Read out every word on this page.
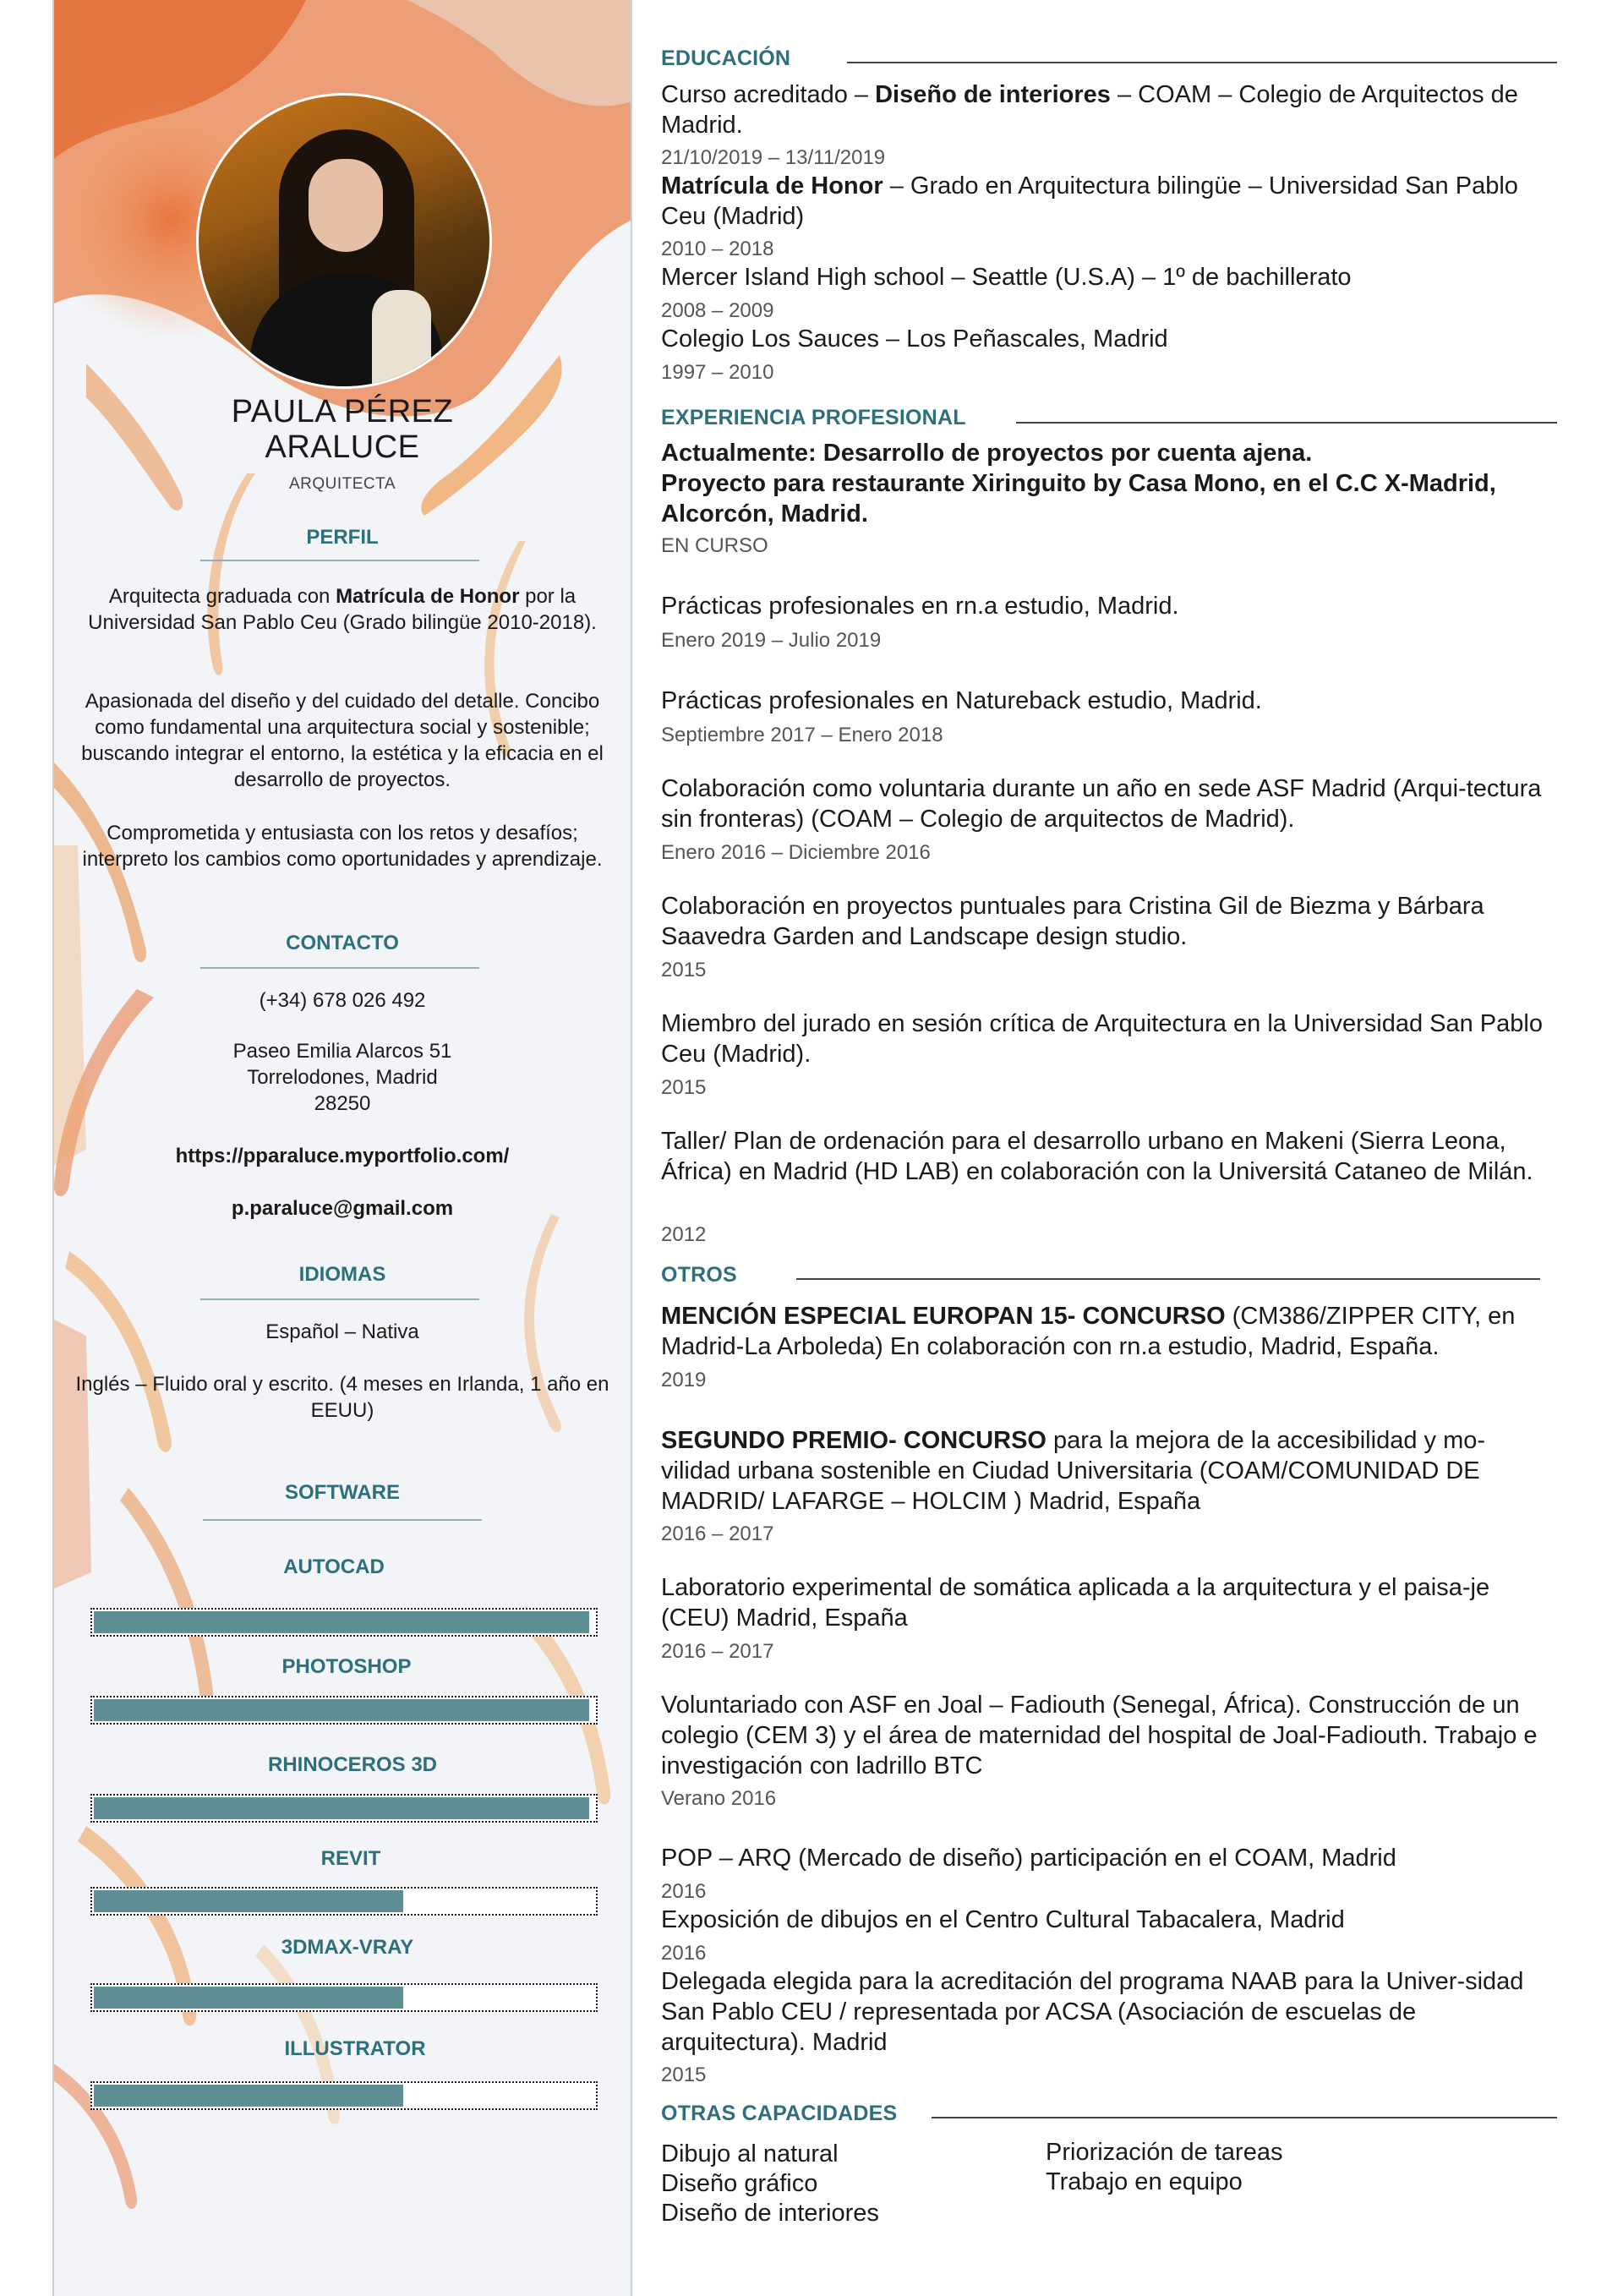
PAULA PÉREZ
ARALUCE
ARQUITECTA
PERFIL
Arquitecta graduada con Matrícula de Honor por la Universidad San Pablo Ceu (Grado bilingüe 2010-2018).
Apasionada del diseño y del cuidado del detalle. Concibo como fundamental una arquitectura social y sostenible; buscando integrar el entorno, la estética y la eficacia en el desarrollo de proyectos.
Comprometida y entusiasta con los retos y desafíos; interpreto los cambios como oportunidades y aprendizaje.
CONTACTO
(+34) 678 026 492
Paseo Emilia Alarcos 51
Torrelodones, Madrid
28250
https://pparaluce.myportfolio.com/
p.paraluce@gmail.com
IDIOMAS
Español – Nativa
Inglés – Fluido oral y escrito. (4 meses en Irlanda, 1 año en EEUU)
SOFTWARE
AUTOCAD
PHOTOSHOP
RHINOCEROS 3D
REVIT
3DMAX-VRAY
ILLUSTRATOR
EDUCACIÓN
Curso acreditado – Diseño de interiores – COAM – Colegio de Arquitectos de Madrid.
21/10/2019 – 13/11/2019
Matrícula de Honor – Grado en Arquitectura bilingüe – Universidad San Pablo Ceu (Madrid)
2010 – 2018
Mercer Island High school – Seattle (U.S.A) – 1º de bachillerato
2008 – 2009
Colegio Los Sauces – Los Peñascales, Madrid
1997 – 2010
EXPERIENCIA PROFESIONAL
Actualmente: Desarrollo de proyectos por cuenta ajena.
Proyecto para restaurante Xiringuito by Casa Mono, en el C.C X-Madrid, Alcorcón, Madrid.
EN CURSO
Prácticas profesionales en rn.a estudio, Madrid.
Enero 2019 – Julio 2019
Prácticas profesionales en Natureback estudio, Madrid.
Septiembre 2017 – Enero 2018
Colaboración como voluntaria durante un año en sede ASF Madrid (Arqui-tectura sin fronteras) (COAM – Colegio de arquitectos de Madrid).
Enero 2016 – Diciembre 2016
Colaboración en proyectos puntuales para Cristina Gil de Biezma y Bárbara Saavedra Garden and Landscape design studio.
2015
Miembro del jurado en sesión crítica de Arquitectura en la Universidad San Pablo Ceu (Madrid).
2015
Taller/ Plan de ordenación para el desarrollo urbano en Makeni (Sierra Leona, África) en Madrid (HD LAB) en colaboración con la Universitá Cataneo de Milán.
2012
OTROS
MENCIÓN ESPECIAL EUROPAN 15- CONCURSO (CM386/ZIPPER CITY, en Madrid-La Arboleda) En colaboración con rn.a estudio, Madrid, España.
2019
SEGUNDO PREMIO- CONCURSO para la mejora de la accesibilidad y mo-vilidad urbana sostenible en Ciudad Universitaria (COAM/COMUNIDAD DE MADRID/ LAFARGE – HOLCIM ) Madrid, España
2016 – 2017
Laboratorio experimental de somática aplicada a la arquitectura y el paisa-je (CEU) Madrid, España
2016 – 2017
Voluntariado con ASF en Joal – Fadiouth (Senegal, África). Construcción de un colegio (CEM 3) y el área de maternidad del hospital de Joal-Fadiouth. Trabajo e investigación con ladrillo BTC
Verano 2016
POP – ARQ (Mercado de diseño) participación en el COAM, Madrid
2016
Exposición de dibujos en el Centro Cultural Tabacalera, Madrid
2016
Delegada elegida para la acreditación del programa NAAB para la Univer-sidad San Pablo CEU / representada por ACSA (Asociación de escuelas de arquitectura). Madrid
2015
OTRAS CAPACIDADES
Dibujo al natural
Diseño gráfico
Diseño de interiores
Priorización de tareas
Trabajo en equipo
